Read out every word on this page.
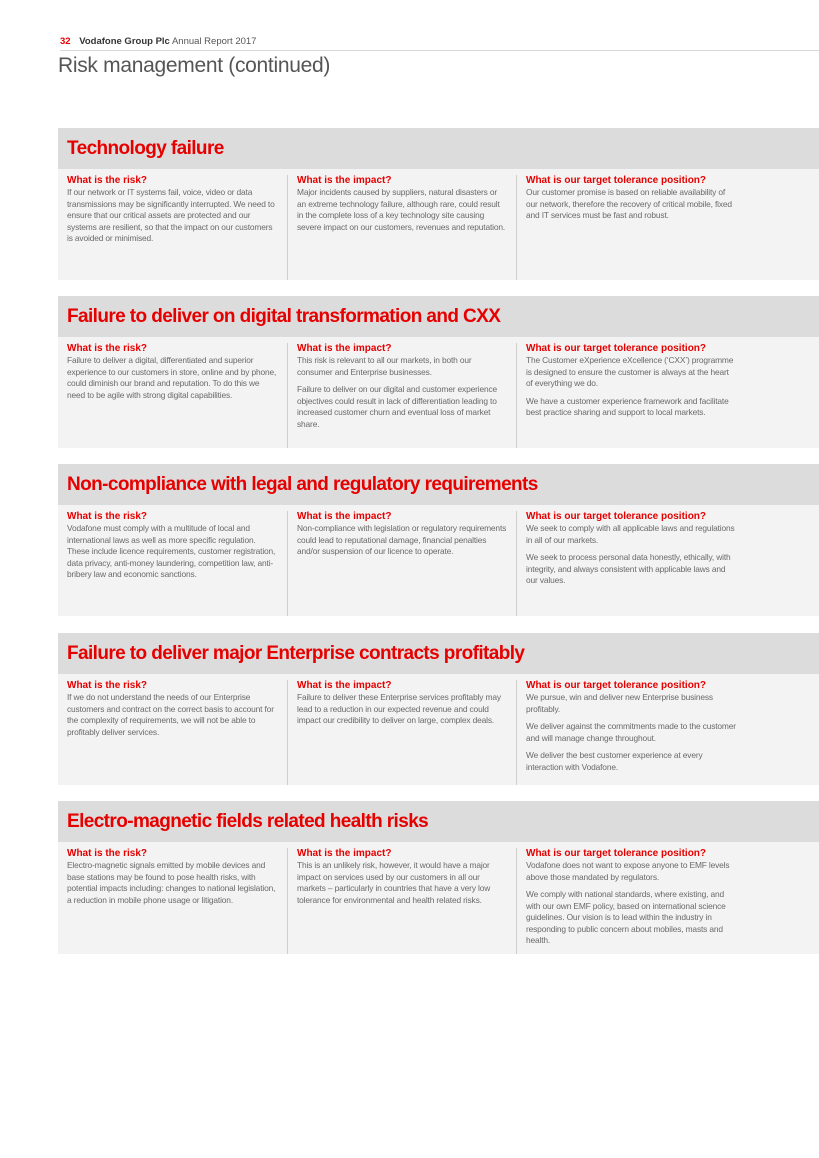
32 Vodafone Group Plc Annual Report 2017
Risk management (continued)
Technology failure
What is the risk?

If our network or IT systems fail, voice, video or data transmissions may be significantly interrupted. We need to ensure that our critical assets are protected and our systems are resilient, so that the impact on our customers is avoided or minimised.

What is the impact?

Major incidents caused by suppliers, natural disasters or an extreme technology failure, although rare, could result in the complete loss of a key technology site causing severe impact on our customers, revenues and reputation.

What is our target tolerance position?

Our customer promise is based on reliable availability of our network, therefore the recovery of critical mobile, fixed and IT services must be fast and robust.

Failure to deliver on digital transformation and CXX
What is the risk?

Failure to deliver a digital, differentiated and superior experience to our customers in store, online and by phone, could diminish our brand and reputation. To do this we need to be agile with strong digital capabilities.

What is the impact?

This risk is relevant to all our markets, in both our consumer and Enterprise businesses.

Failure to deliver on our digital and customer experience objectives could result in lack of differentiation leading to increased customer churn and eventual loss of market share.

What is our target tolerance position?

The Customer eXperience eXcellence (‘CXX’) programme is designed to ensure the customer is always at the heart of everything we do.

We have a customer experience framework and facilitate best practice sharing and support to local markets.

Non-compliance with legal and regulatory requirements
What is the risk?

Vodafone must comply with a multitude of local and international laws as well as more specific regulation. These include licence requirements, customer registration, data privacy, anti-money laundering, competition law, anti-bribery law and economic sanctions.

What is the impact?

Non-compliance with legislation or regulatory requirements could lead to reputational damage, financial penalties and/or suspension of our licence to operate.

What is our target tolerance position?

We seek to comply with all applicable laws and regulations in all of our markets.

We seek to process personal data honestly, ethically, with integrity, and always consistent with applicable laws and our values.

Failure to deliver major Enterprise contracts profitably
What is the risk?

If we do not understand the needs of our Enterprise customers and contract on the correct basis to account for the complexity of requirements, we will not be able to profitably deliver services.

What is the impact?

Failure to deliver these Enterprise services profitably may lead to a reduction in our expected revenue and could impact our credibility to deliver on large, complex deals.

What is our target tolerance position?

We pursue, win and deliver new Enterprise business profitably.

We deliver against the commitments made to the customer and will manage change throughout.

We deliver the best customer experience at every interaction with Vodafone.

Electro-magnetic fields related health risks
What is the risk?

Electro-magnetic signals emitted by mobile devices and base stations may be found to pose health risks, with potential impacts including: changes to national legislation, a reduction in mobile phone usage or litigation.

What is the impact?

This is an unlikely risk, however, it would have a major impact on services used by our customers in all our markets – particularly in countries that have a very low tolerance for environmental and health related risks.

What is our target tolerance position?

Vodafone does not want to expose anyone to EMF levels above those mandated by regulators.

We comply with national standards, where existing, and with our own EMF policy, based on international science guidelines. Our vision is to lead within the industry in responding to public concern about mobiles, masts and health.
